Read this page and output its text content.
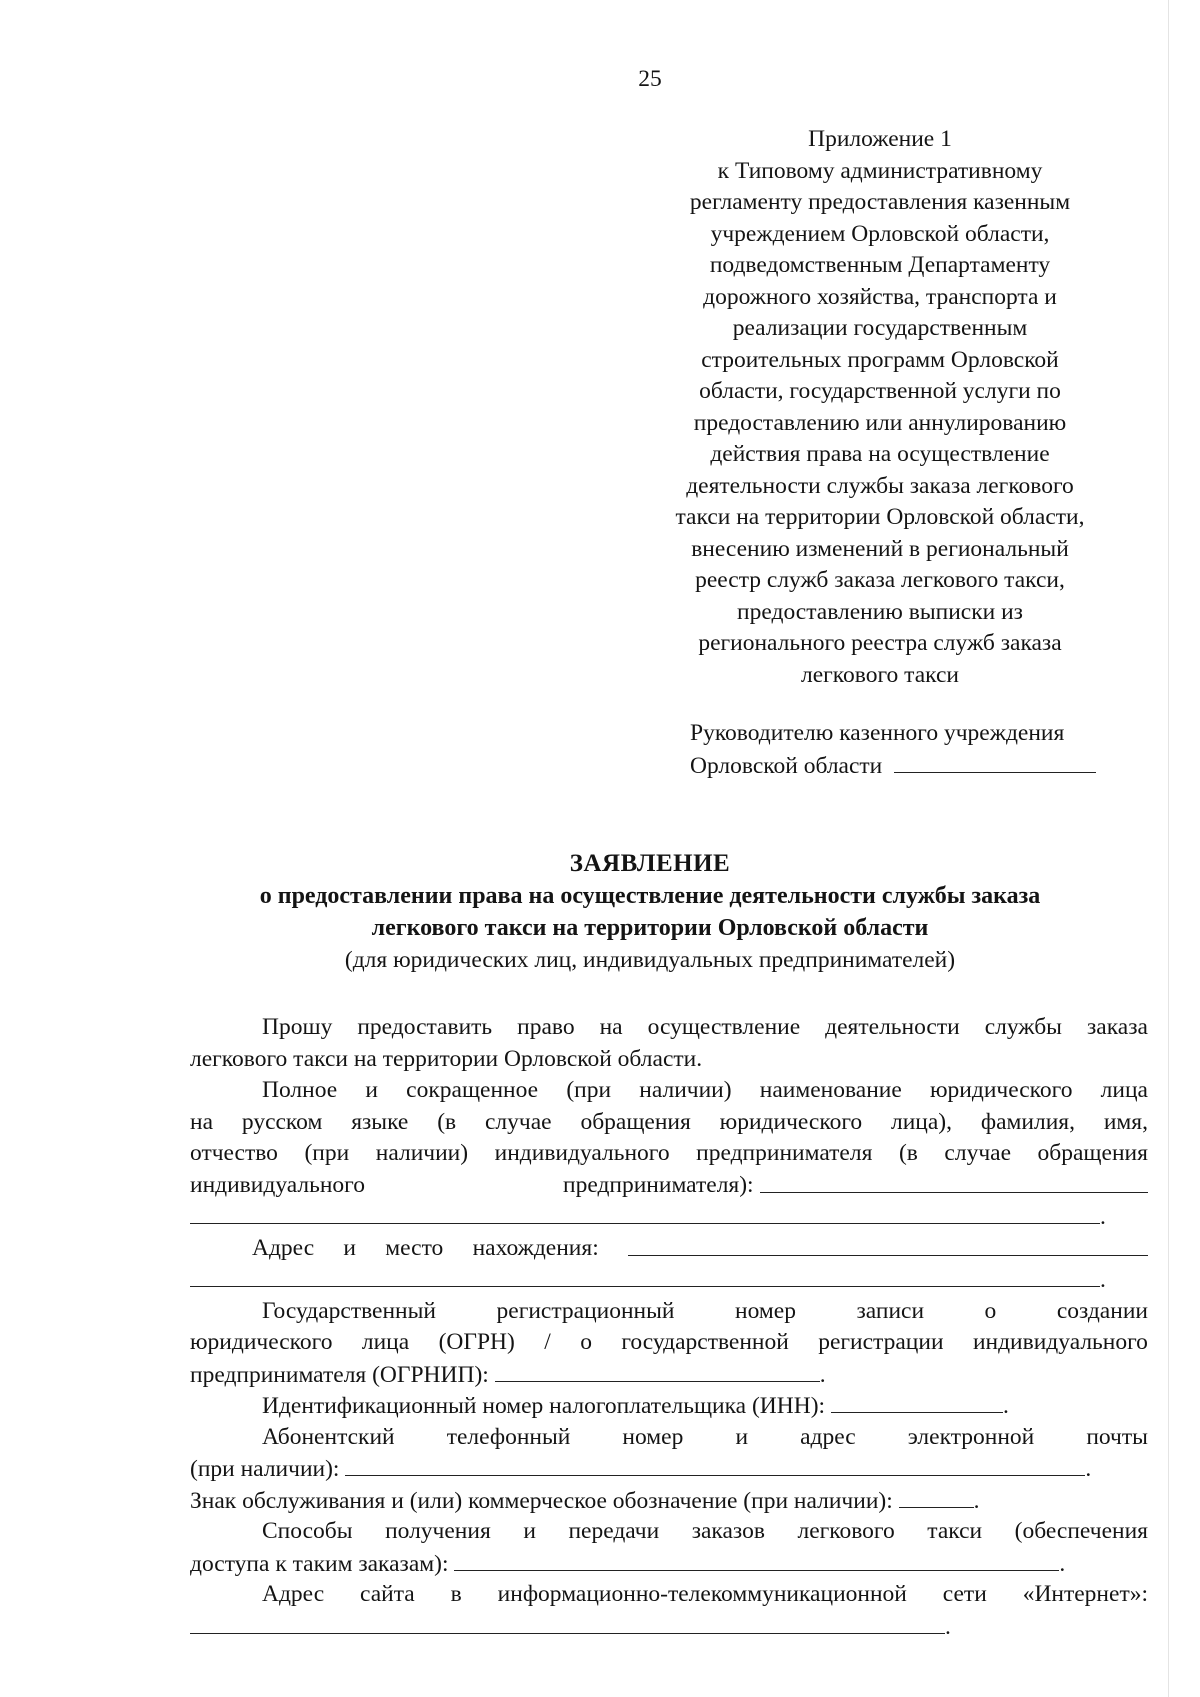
25
Приложение 1
к Типовому административному
регламенту предоставления казенным
учреждением Орловской области,
подведомственным Департаменту
дорожного хозяйства, транспорта и
реализации государственным
строительных программ Орловской
области, государственной услуги по
предоставлению или аннулированию
действия права на осуществление
деятельности службы заказа легкового
такси на территории Орловской области,
внесению изменений в региональный
реестр служб заказа легкового такси,
предоставлению выписки из
регионального реестра служб заказа
легкового такси
Руководителю казенного учреждения
Орловской области
ЗАЯВЛЕНИЕ
о предоставлении права на осуществление деятельности службы заказа
легкового такси на территории Орловской области
(для юридических лиц, индивидуальных предпринимателей)
Прошу предоставить право на осуществление деятельности службы заказа
легкового такси на территории Орловской области.
Полное и сокращенное (при наличии) наименование юридического лица
на русском языке (в случае обращения юридического лица), фамилия, имя,
отчество (при наличии) индивидуального предпринимателя (в случае обращения
индивидуального	предпринимателя):
.
Адрес и место нахождения:
.
Государственный	регистрационный	номер	записи	о	создании
юридического лица (ОГРН) / о государственной регистрации индивидуального
предпринимателя (ОГРНИП):	.
Идентификационный номер налогоплательщика (ИНН):	.
Абонентский телефонный номер и адрес электронной почты
(при наличии):	.
Знак обслуживания и (или) коммерческое обозначение (при наличии):	.
Способы получения и передачи заказов легкового такси (обеспечения
доступа к таким заказам):	.
Адрес сайта в информационно-телекоммуникационной сети «Интернет»:
.
